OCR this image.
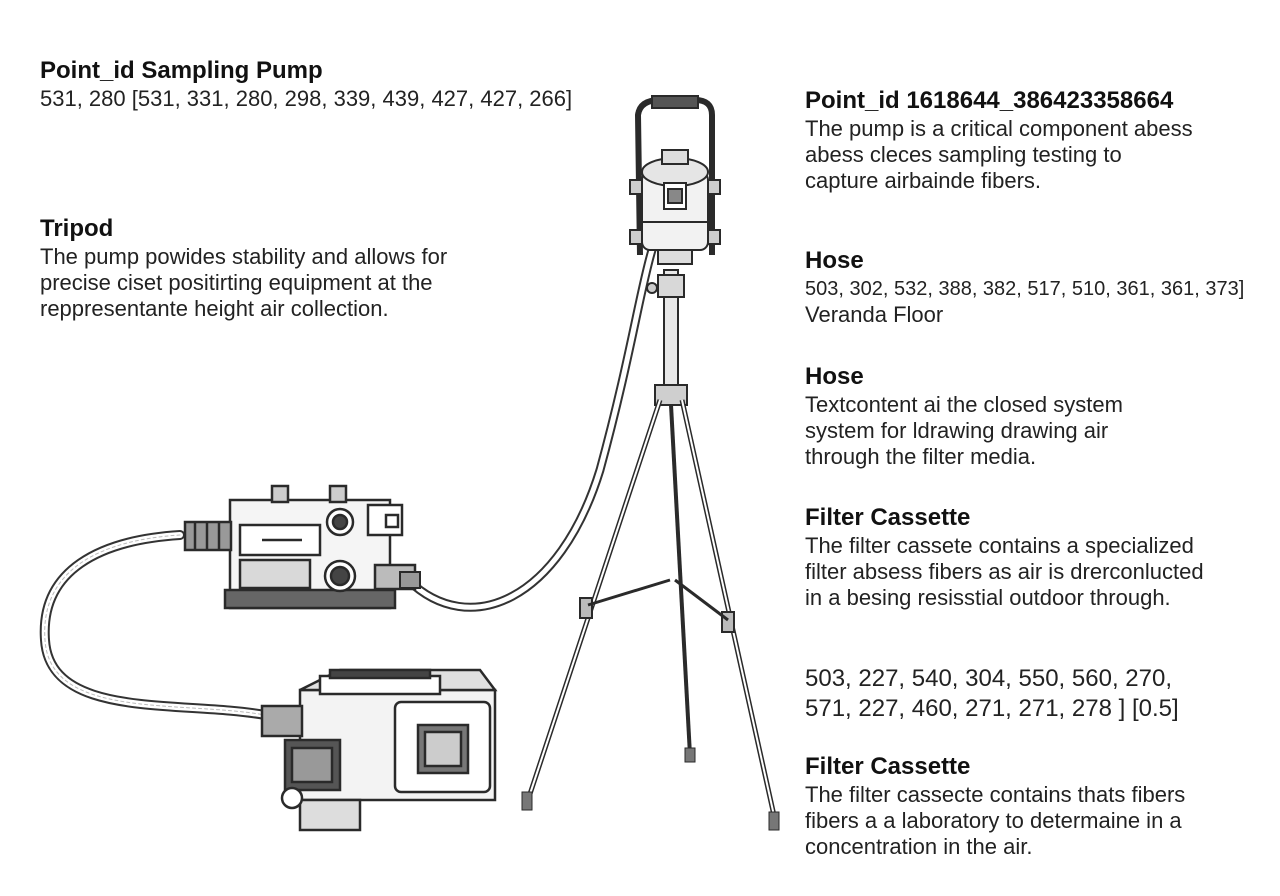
Point_id Sampling Pump

531, 280 [531, 331, 280, 298, 339, 439, 427, 427, 266]

Tripod

The pump powides stability and allows for

precise ciset positirting equipment at the

reppresentante height air collection.

Point_id 1618644_386423358664

The pump is a critical component abess

abess cleces sampling testing to

capture airbainde fibers.

Hose

503, 302, 532, 388, 382, 517, 510, 361, 361, 373]

Veranda Floor

Hose

Textcontent ai the closed system

system for ldrawing drawing air

through the filter media.

Filter Cassette

The filter cassete contains a specialized

filter absess fibers as air is drerconlucted

in a besing resisstial outdoor through.

503, 227, 540, 304, 550, 560, 270,

571, 227, 460, 271, 271, 278 ] [0.5]

Filter Cassette

The filter cassecte contains thats fibers

fibers a a laboratory to determaine in a

concentration in the air.
